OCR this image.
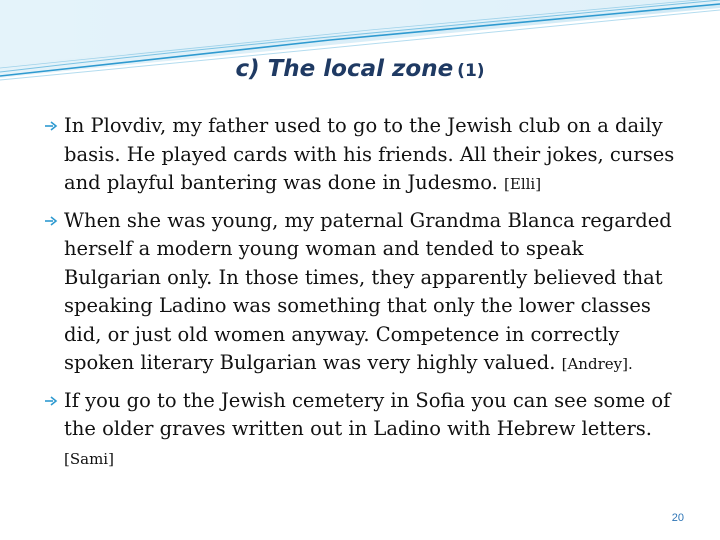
c) The local zone (1)
In Plovdiv, my father used to go to the Jewish club on a daily basis. He played cards with his friends. All their jokes, curses and playful bantering was done in Judesmo. [Elli]
When she was young, my paternal Grandma Blanca regarded herself a modern young woman and tended to speak Bulgarian only. In those times, they apparently believed that speaking Ladino was something that only the lower classes did, or just old women anyway. Competence in correctly spoken literary Bulgarian was very highly valued. [Andrey].
If you go to the Jewish cemetery in Sofia you can see some of the older graves written out in Ladino with Hebrew letters. [Sami]
20
